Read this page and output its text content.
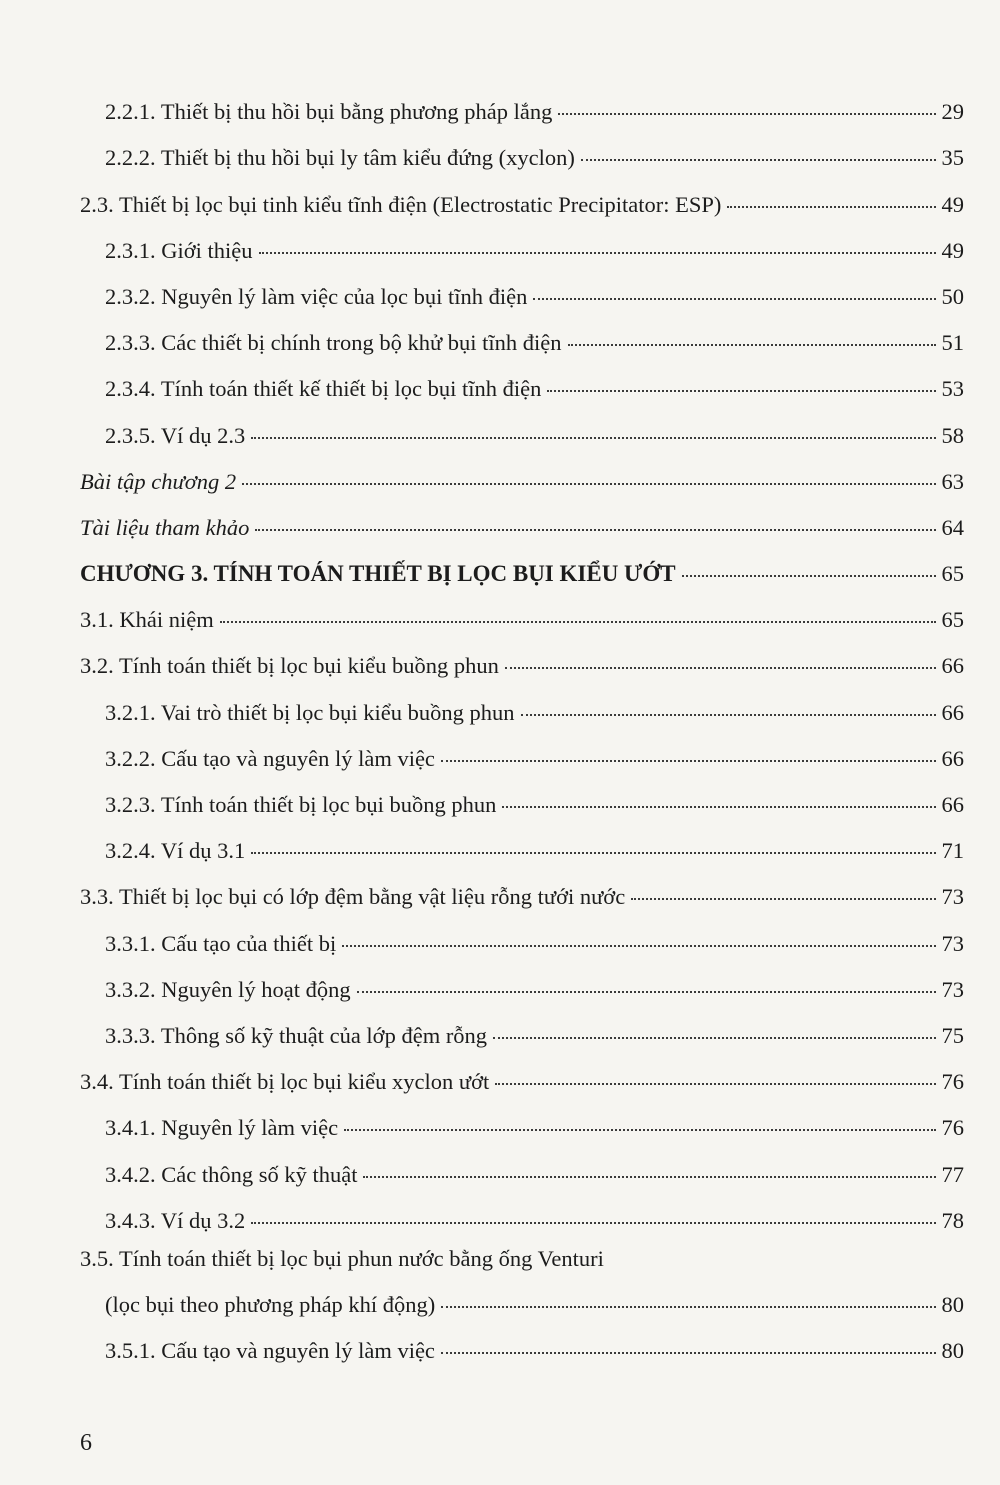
2.2.1. Thiết bị thu hồi bụi bằng phương pháp lắng	29
2.2.2. Thiết bị thu hồi bụi ly tâm kiểu đứng (xyclon)	35
2.3. Thiết bị lọc bụi tinh kiểu tĩnh điện (Electrostatic Precipitator: ESP)	49
2.3.1. Giới thiệu	49
2.3.2. Nguyên lý làm việc của lọc bụi tĩnh điện	50
2.3.3. Các thiết bị chính trong bộ khử bụi tĩnh điện	51
2.3.4. Tính toán thiết kế thiết bị lọc bụi tĩnh điện	53
2.3.5. Ví dụ 2.3	58
Bài tập chương 2	63
Tài liệu tham khảo	64
CHƯƠNG 3. TÍNH TOÁN THIẾT BỊ LỌC BỤI KIỂU ƯỚT	65
3.1. Khái niệm	65
3.2. Tính toán thiết bị lọc bụi kiểu buồng phun	66
3.2.1. Vai trò thiết bị lọc bụi kiểu buồng phun	66
3.2.2. Cấu tạo và nguyên lý làm việc	66
3.2.3. Tính toán thiết bị lọc bụi buồng phun	66
3.2.4. Ví dụ 3.1	71
3.3. Thiết bị lọc bụi có lớp đệm bằng vật liệu rỗng tưới nước	73
3.3.1. Cấu tạo của thiết bị	73
3.3.2. Nguyên lý hoạt động	73
3.3.3. Thông số kỹ thuật của lớp đệm rỗng	75
3.4. Tính toán thiết bị lọc bụi kiểu xyclon ướt	76
3.4.1. Nguyên lý làm việc	76
3.4.2. Các thông số kỹ thuật	77
3.4.3. Ví dụ 3.2	78
3.5. Tính toán thiết bị lọc bụi phun nước bằng ống Venturi
(lọc bụi theo phương pháp khí động)	80
3.5.1. Cấu tạo và nguyên lý làm việc	80
6
